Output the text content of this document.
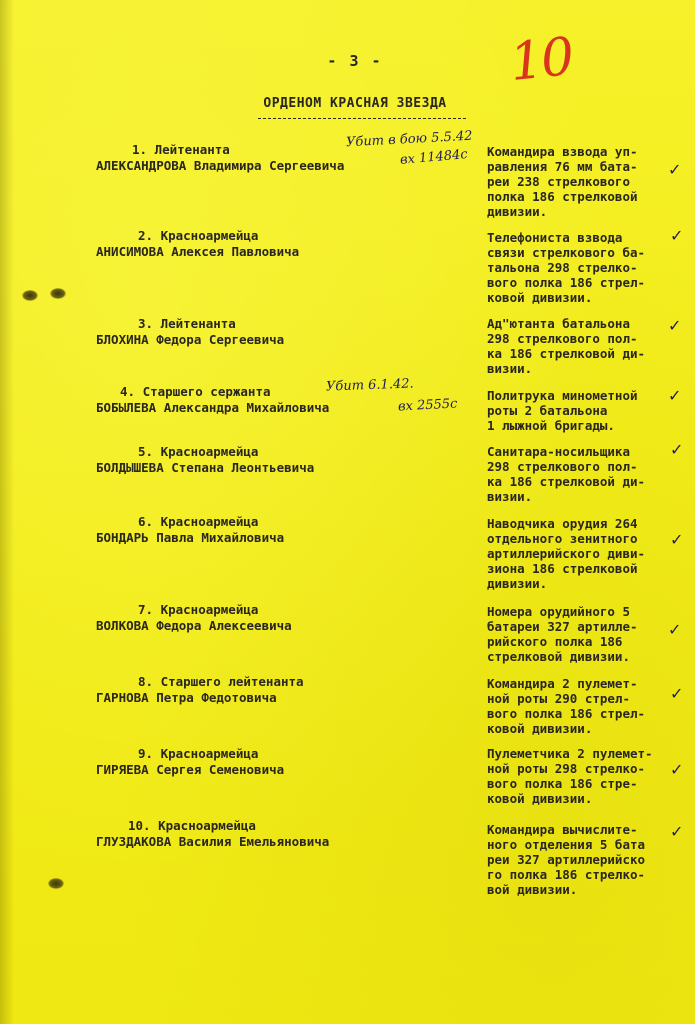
- 3 -	10
ОРДЕНОМ КРАСНАЯ ЗВЕЗДА
1. Лейтенанта
АЛЕКСАНДРОВА Владимира Сергеевича
Командира взвода уп-
равления 76 мм бата-
реи 238 стрелкового
полка 186 стрелковой
дивизии.
Убит в бою 5.5.42
вх 11484с
✓
2. Красноармейца
АНИСИМОВА Алексея Павловича
Телефониста взвода
связи стрелкового ба-
тальона 298 стрелко-
вого полка 186 стрел-
ковой дивизии.
✓
3. Лейтенанта
БЛОХИНА Федора Сергеевича
Ад"ютанта батальона
298 стрелкового пол-
ка 186 стрелковой ди-
визии.
✓
4. Старшего сержанта
БОБЫЛЕВА Александра Михайловича
Политрука минометной
роты 2 батальона
1 лыжной бригады.
Убит 6.1.42.
вх 2555с
✓
5. Красноармейца
БОЛДЫШЕВА Степана Леонтьевича
Санитара-носильщика
298 стрелкового пол-
ка 186 стрелковой ди-
визии.
✓
6. Красноармейца
БОНДАРЬ Павла Михайловича
Наводчика орудия 264
отдельного зенитного
артиллерийского диви-
зиона 186 стрелковой
дивизии.
✓
7. Красноармейца
ВОЛКОВА Федора Алексеевича
Номера орудийного 5
батареи 327 артилле-
рийского полка 186
стрелковой дивизии.
✓
8. Старшего лейтенанта
ГАРНОВА Петра Федотовича
Командира 2 пулемет-
ной роты 290 стрел-
вого полка 186 стрел-
ковой дивизии.
✓
9. Красноармейца
ГИРЯЕВА Сергея Семеновича
Пулеметчика 2 пулемет-
ной роты 298 стрелко-
вого полка 186 стре-
ковой дивизии.
✓
10. Красноармейца
ГЛУЗДАКОВА Василия Емельяновича
Командира вычислите-
ного отделения 5 бата
реи 327 артиллерийско
го полка 186 стрелко-
вой дивизии.
✓
